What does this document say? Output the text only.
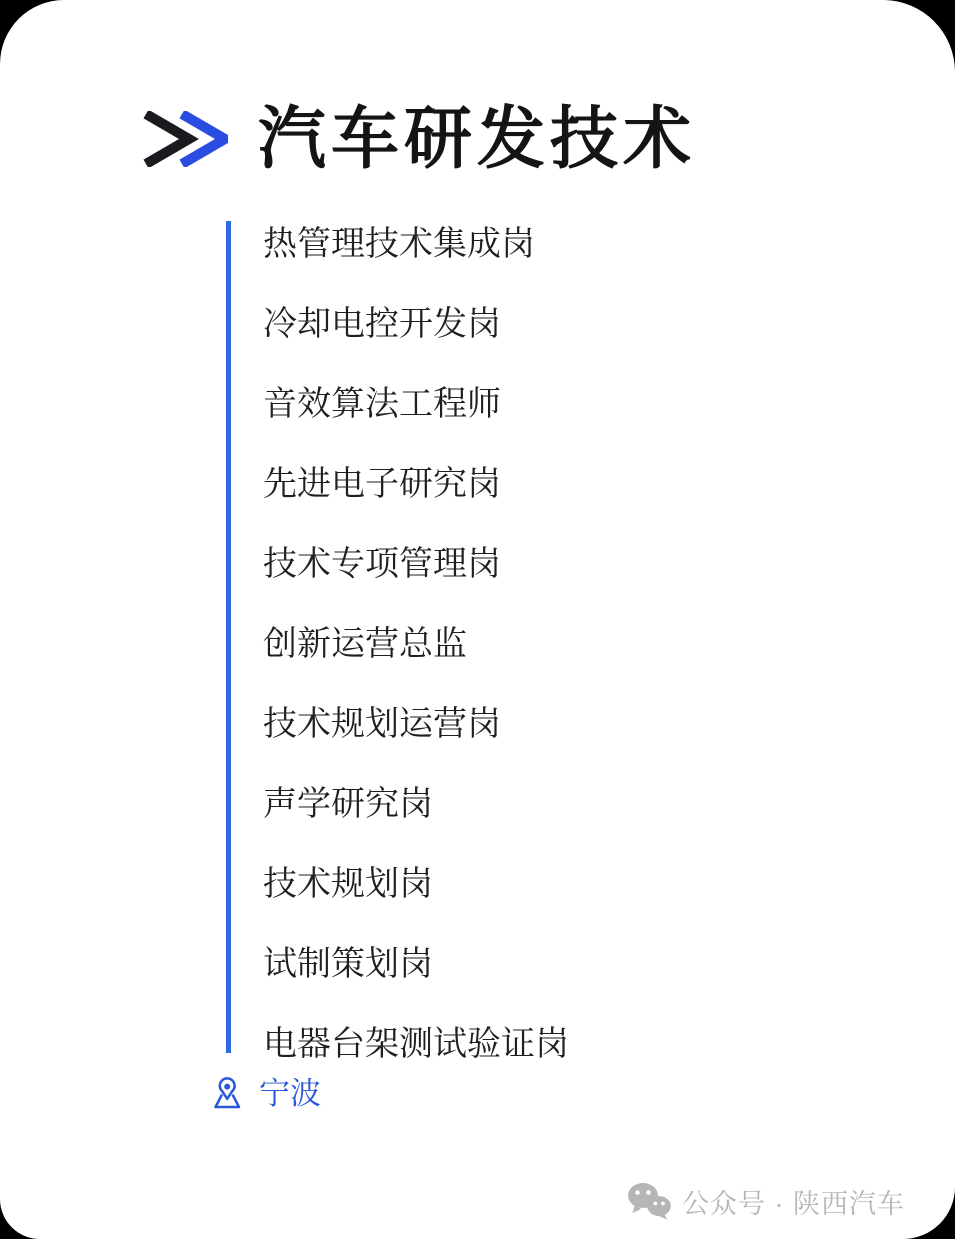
汽车研发技术
热管理技术集成岗
冷却电控开发岗
音效算法工程师
先进电子研究岗
技术专项管理岗
创新运营总监
技术规划运营岗
声学研究岗
技术规划岗
试制策划岗
电器台架测试验证岗
宁波
公众号 · 陕西汽车
